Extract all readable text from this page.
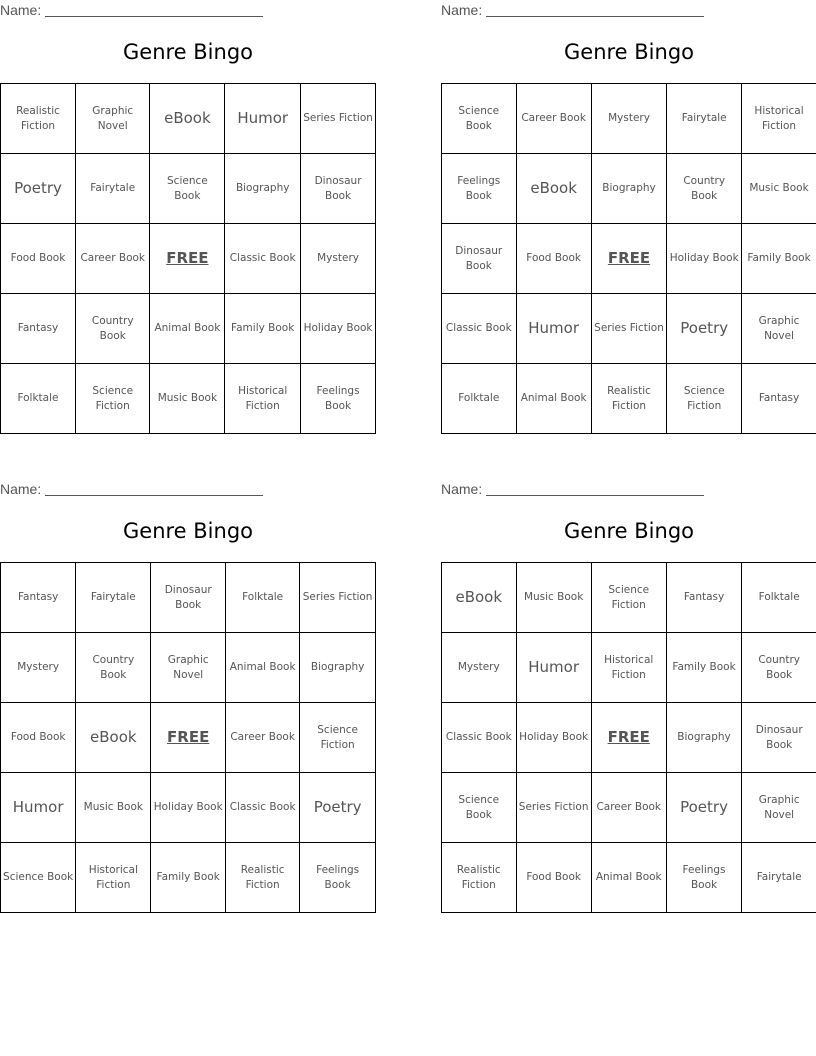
Name:
Genre Bingo
Realistic Fiction	Graphic Novel	eBook	Humor	Series Fiction
Poetry	Fairytale	Science Book	Biography	Dinosaur Book
Food Book	Career Book	FREE	Classic Book	Mystery
Fantasy	Country Book	Animal Book	Family Book	Holiday Book
Folktale	Science Fiction	Music Book	Historical Fiction	Feelings Book
Name:
Genre Bingo
Science Book	Career Book	Mystery	Fairytale	Historical Fiction
Feelings Book	eBook	Biography	Country Book	Music Book
Dinosaur Book	Food Book	FREE	Holiday Book	Family Book
Classic Book	Humor	Series Fiction	Poetry	Graphic Novel
Folktale	Animal Book	Realistic Fiction	Science Fiction	Fantasy
Name:
Genre Bingo
Fantasy	Fairytale	Dinosaur Book	Folktale	Series Fiction
Mystery	Country Book	Graphic Novel	Animal Book	Biography
Food Book	eBook	FREE	Career Book	Science Fiction
Humor	Music Book	Holiday Book	Classic Book	Poetry
Science Book	Historical Fiction	Family Book	Realistic Fiction	Feelings Book
Name:
Genre Bingo
eBook	Music Book	Science Fiction	Fantasy	Folktale
Mystery	Humor	Historical Fiction	Family Book	Country Book
Classic Book	Holiday Book	FREE	Biography	Dinosaur Book
Science Book	Series Fiction	Career Book	Poetry	Graphic Novel
Realistic Fiction	Food Book	Animal Book	Feelings Book	Fairytale
